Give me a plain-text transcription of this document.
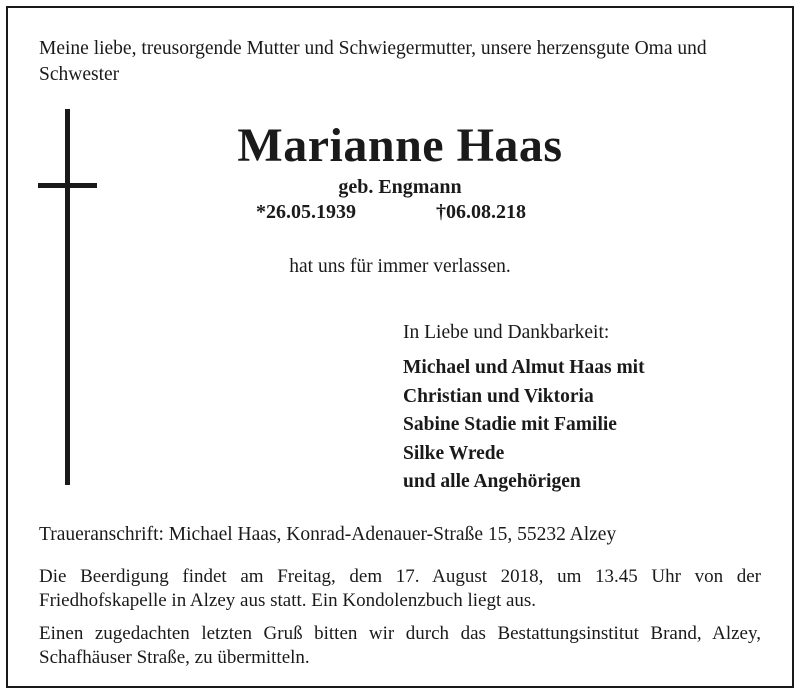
Meine liebe, treusorgende Mutter und Schwiegermutter, unsere herzensgute Oma und Schwester
Marianne Haas
geb. Engmann
*26.05.1939	†06.08.218
hat uns für immer verlassen.
In Liebe und Dankbarkeit:
Michael und Almut Haas mit
Christian und Viktoria
Sabine Stadie mit Familie
Silke Wrede
und alle Angehörigen
Traueranschrift: Michael Haas, Konrad-Adenauer-Straße 15, 55232 Alzey
Die Beerdigung findet am Freitag, dem 17. August 2018, um 13.45 Uhr von der Friedhofskapelle in Alzey aus statt. Ein Kondolenzbuch liegt aus.
Einen zugedachten letzten Gruß bitten wir durch das Bestattungsinstitut Brand, Alzey, Schafhäuser Straße, zu übermitteln.
